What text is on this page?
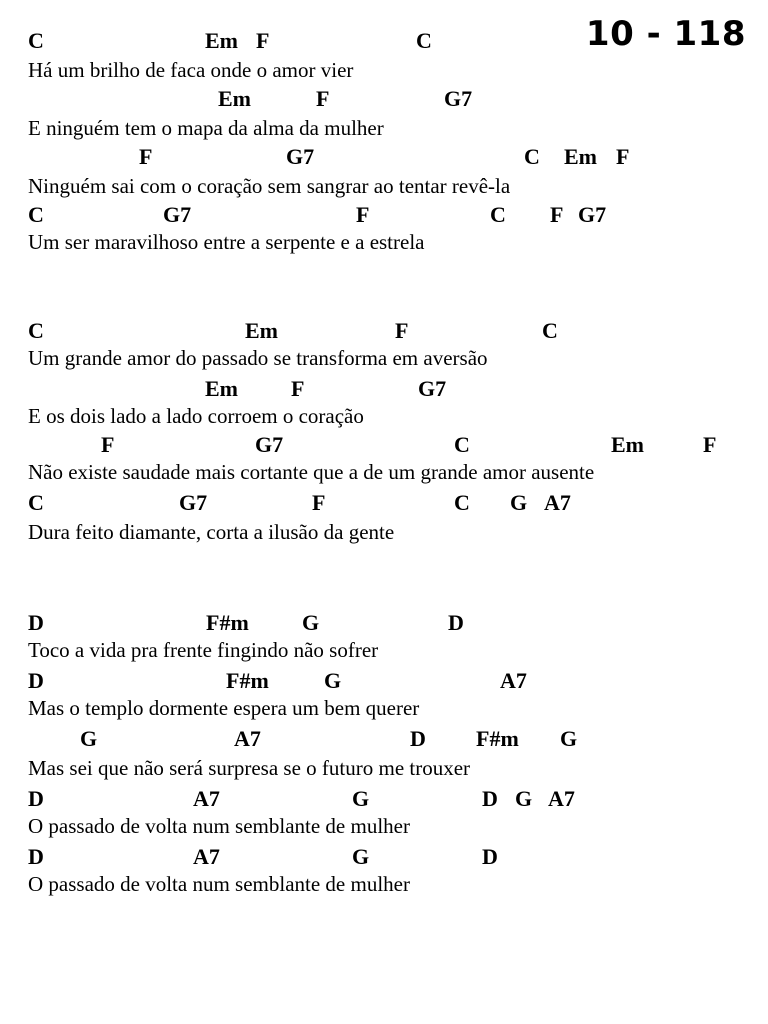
10 - 118
C	Em F	C
Há um brilho de faca onde o amor vier
Em	F	G7
E ninguém tem o mapa da alma da mulher
F	G7	C Em F
Ninguém sai com o coração sem sangrar ao tentar revê-la
C	G7	F	C F G7
Um ser maravilhoso entre a serpente e a estrela
C	Em	F	C
Um grande amor do passado se transforma em aversão
Em F	G7
E os dois lado a lado corroem o coração
F	G7	C	Em	F
Não existe saudade mais cortante que a de um grande amor ausente
C	G7	F	C G A7
Dura feito diamante, corta a ilusão da gente
D	F#m G	D
Toco a vida pra frente fingindo não sofrer
D	F#m	G	A7
Mas o templo dormente espera um bem querer
G	A7	D F#m G
Mas sei que não será surpresa se o futuro me trouxer
D	A7	G	D G A7
O passado de volta num semblante de mulher
D	A7	G	D
O passado de volta num semblante de mulher
